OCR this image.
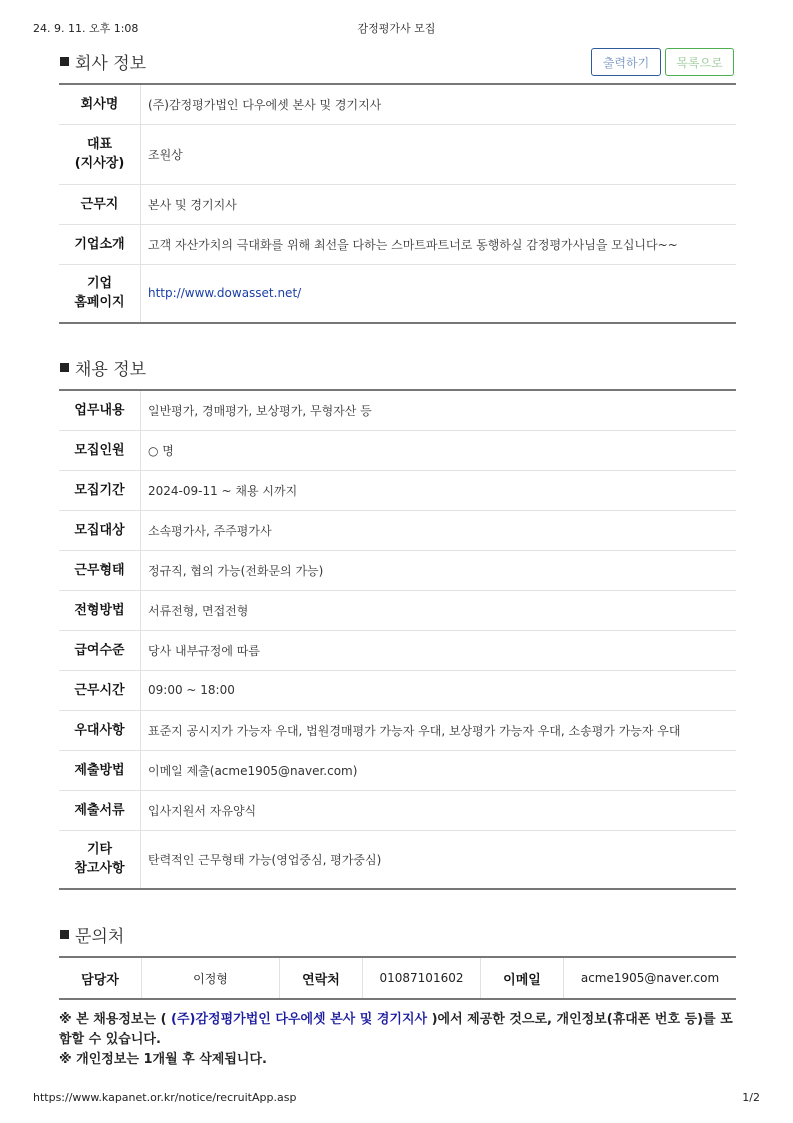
24. 9. 11. 오후 1:08	감정평가사 모집
회사 정보	출력하기	목록으로
회사명	(주)감정평가법인 다우에셋 본사 및 경기지사
대표
(지사장)	조원상
근무지	본사 및 경기지사
기업소개	고객 자산가치의 극대화를 위해 최선을 다하는 스마트파트너로 동행하실 감정평가사님을 모십니다~~
기업
홈페이지	http://www.dowasset.net/
채용 정보
업무내용	일반평가, 경매평가, 보상평가, 무형자산 등
모집인원	○ 명
모집기간	2024-09-11 ~ 채용 시까지
모집대상	소속평가사, 주주평가사
근무형태	정규직, 협의 가능(전화문의 가능)
전형방법	서류전형, 면접전형
급여수준	당사 내부규정에 따름
근무시간	09:00 ~ 18:00
우대사항	표준지 공시지가 가능자 우대, 법원경매평가 가능자 우대, 보상평가 가능자 우대, 소송평가 가능자 우대
제출방법	이메일 제출(acme1905@naver.com)
제출서류	입사지원서 자유양식
기타
참고사항	탄력적인 근무형태 가능(영업중심, 평가중심)
문의처
담당자	이정형	연락처	01087101602	이메일	acme1905@naver.com
※ 본 채용정보는 ( (주)감정평가법인 다우에셋 본사 및 경기지사 )에서 제공한 것으로, 개인정보(휴대폰 번호 등)를 포함할 수 있습니다.
※ 개인정보는 1개월 후 삭제됩니다.
https://www.kapanet.or.kr/notice/recruitApp.asp	1/2
